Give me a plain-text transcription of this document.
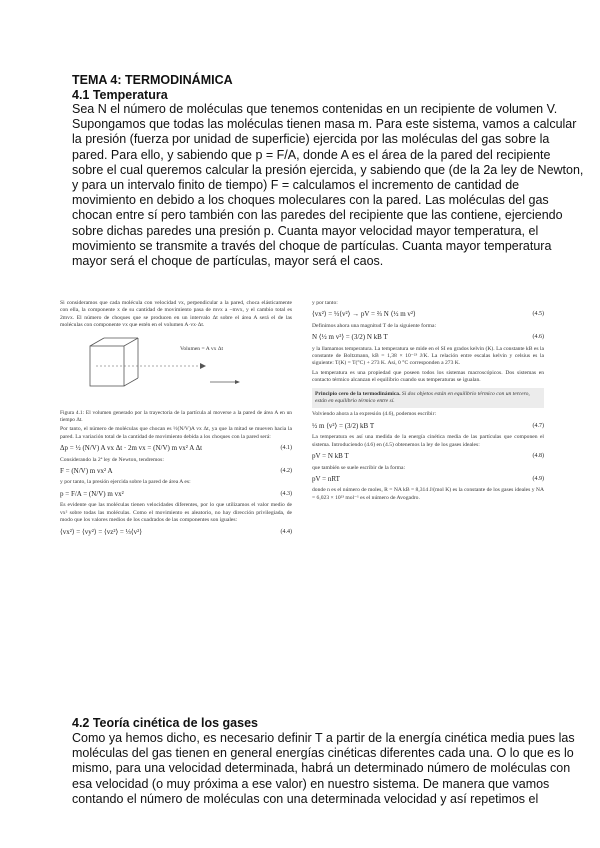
TEMA 4: TERMODINÁMICA
4.1 Temperatura
Sea N el número de moléculas que tenemos contenidas en un recipiente de volumen V.
Supongamos que todas las moléculas tienen masa m. Para este sistema, vamos a calcular
la presión (fuerza por unidad de superficie) ejercida por las moléculas del gas sobre la
pared. Para ello, y sabiendo que p = F/A, donde A es el área de la pared del recipiente
sobre el cual queremos calcular la presión ejercida, y sabiendo que (de la 2a ley de Newton,
y para un intervalo finito de tiempo) F = calculamos el incremento de cantidad de
movimiento en debido a los choques moleculares con la pared. Las moléculas del gas
chocan entre sí pero también con las paredes del recipiente que las contiene, ejerciendo
sobre dichas paredes una presión p. Cuanta mayor velocidad mayor temperatura, el
movimiento se transmite a través del choque de partículas. Cuanta mayor temperatura
mayor será el choque de partículas, mayor será el caos.

Si consideramos que cada molécula con velocidad vx, perpendicular a la pared, choca elásticamente con ella, la componente x de su cantidad de movimiento pasa de mvx a −mvx, y el cambio total es 2mvx. El número de choques que se producen en un intervalo Δt sobre el área A será el de las moléculas con componente vx que estén en el volumen A·vx·Δt.

Volumen = A vx Δt

Figura 4.1: El volumen generado por la trayectoria de la partícula al moverse a la pared de área A en un tiempo Δt.

Por tanto, el número de moléculas que chocan es ½(N/V)A vx Δt, ya que la mitad se mueven hacia la pared. La variación total de la cantidad de movimiento debida a los choques con la pared será:

Δp = ½ (N/V) A vx Δt · 2m vx = (N/V) m vx² A Δt	(4.1)

Considerando la 2ª ley de Newton, tendremos:

F = (N/V) m vx² A	(4.2)

y por tanto, la presión ejercida sobre la pared de área A es:

p = F/A = (N/V) m vx²	(4.3)

Es evidente que las moléculas tienen velocidades diferentes, por lo que utilizamos el valor medio de vx² sobre todas las moléculas. Como el movimiento es aleatorio, no hay dirección privilegiada, de modo que los valores medios de los cuadrados de las componentes son iguales:

⟨vx²⟩ = ⟨vy²⟩ = ⟨vz²⟩ = ⅓⟨v²⟩	(4.4)

y por tanto:

⟨vx²⟩ = ⅓⟨v²⟩ → pV = ⅔ N ⟨½ m v²⟩	(4.5)

Definimos ahora una magnitud T de la siguiente forma:

N ⟨½ m v²⟩ = (3/2) N kB T	(4.6)

y la llamamos temperatura. La temperatura se mide en el SI en grados kelvin (K). La constante kB es la constante de Boltzmann, kB = 1,38 × 10⁻²³ J/K. La relación entre escalas kelvin y celsius es la siguiente: T(K) = T(°C) + 273 K. Así, 0 °C corresponden a 273 K.

La temperatura es una propiedad que poseen todos los sistemas macroscópicos. Dos sistemas en contacto térmico alcanzan el equilibrio cuando sus temperaturas se igualan.

Principio cero de la termodinámica. Si dos objetos están en equilibrio térmico con un tercero, están en equilibrio térmico entre sí.

Volviendo ahora a la expresión (4.6), podemos escribir:

½ m ⟨v²⟩ = (3/2) kB T	(4.7)

La temperatura es así una medida de la energía cinética media de las partículas que componen el sistema. Introduciendo (4.6) en (4.5) obtenemos la ley de los gases ideales:

pV = N kB T	(4.8)

que también se suele escribir de la forma:

pV = nRT	(4.9)

donde n es el número de moles, R = NA kB = 8,314 J/(mol K) es la constante de los gases ideales y NA = 6,023 × 10²³ mol⁻¹ es el número de Avogadro.

4.2 Teoría cinética de los gases
Como ya hemos dicho, es necesario definir T a partir de la energía cinética media pues las
moléculas del gas tienen en general energías cinéticas diferentes cada una. O lo que es lo
mismo, para una velocidad determinada, habrá un determinado número de moléculas con
esa velocidad (o muy próxima a ese valor) en nuestro sistema. De manera que vamos
contando el número de moléculas con una determinada velocidad y así repetimos el
